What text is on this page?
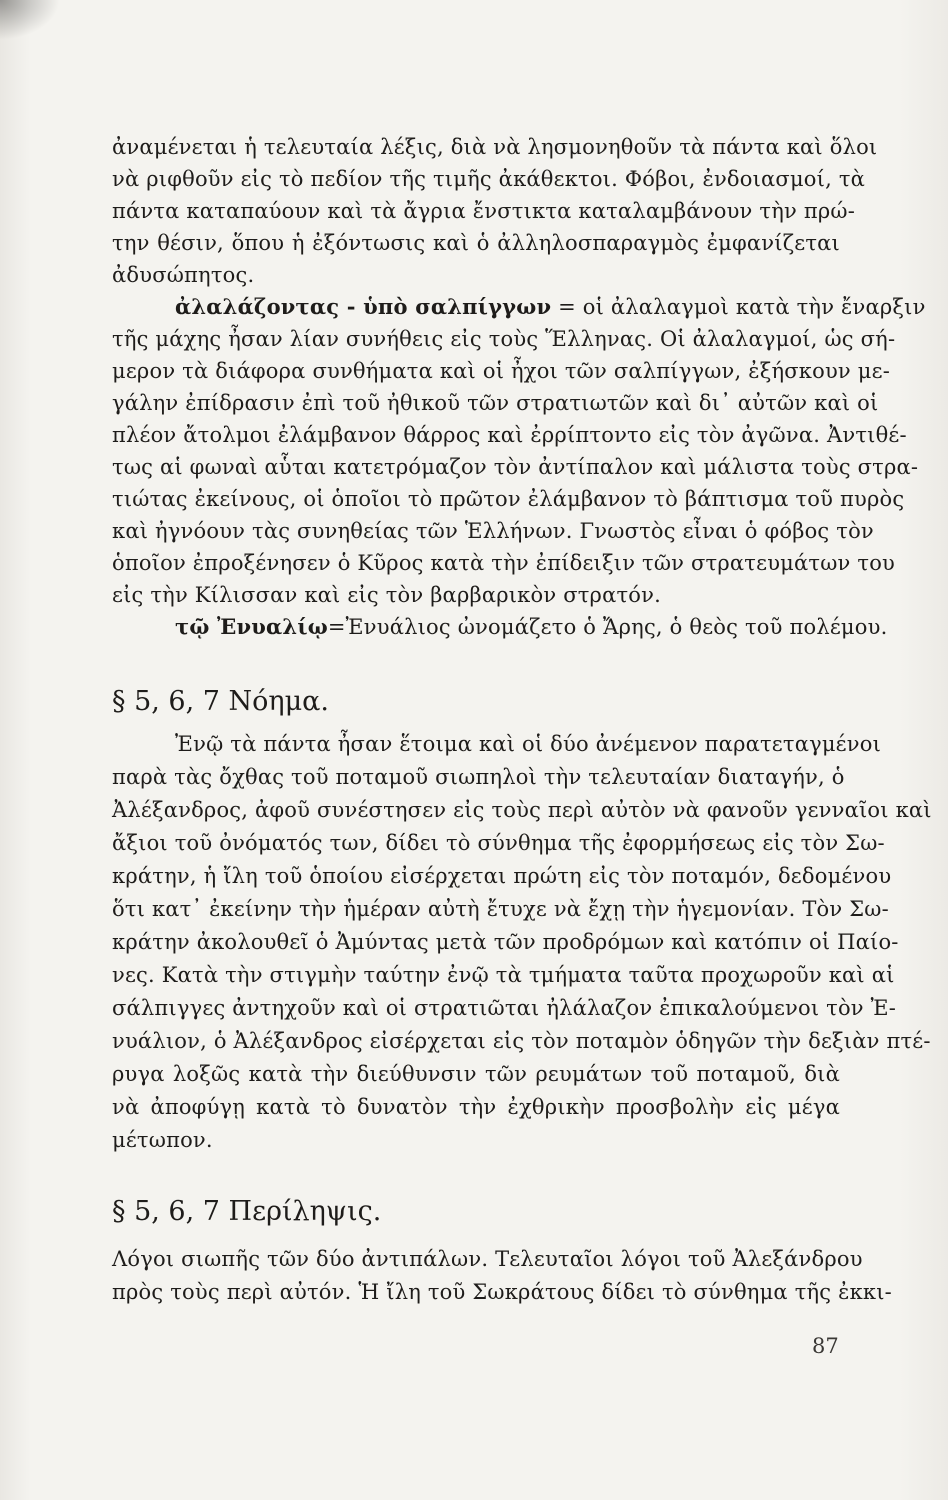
ἀναμένεται ἡ τελευταία λέξις, διὰ νὰ λησμονηθοῦν τὰ πάντα καὶ ὅλοι
νὰ ριφθοῦν εἰς τὸ πεδίον τῆς τιμῆς ἀκάθεκτοι. Φόβοι, ἐνδοιασμοί, τὰ
πάντα καταπαύουν καὶ τὰ ἄγρια ἔνστικτα καταλαμβάνουν τὴν πρώ-
την θέσιν, ὅπου ἡ ἐξόντωσις καὶ ὁ ἀλληλοσπαραγμὸς ἐμφανίζεται
ἀδυσώπητος.
ἀλαλάζοντας - ὑπὸ σαλπίγγων = οἱ ἀλαλαγμοὶ κατὰ τὴν ἔναρξιν
τῆς μάχης ἦσαν λίαν συνήθεις εἰς τοὺς Ἕλληνας. Οἱ ἀλαλαγμοί, ὡς σή-
μερον τὰ διάφορα συνθήματα καὶ οἱ ἦχοι τῶν σαλπίγγων, ἐξήσκουν με-
γάλην ἐπίδρασιν ἐπὶ τοῦ ἠθικοῦ τῶν στρατιωτῶν καὶ δι᾽ αὐτῶν καὶ οἱ
πλέον ἄτολμοι ἐλάμβανον θάρρος καὶ ἐρρίπτοντο εἰς τὸν ἀγῶνα. Ἀντιθέ-
τως αἱ φωναὶ αὗται κατετρόμαζον τὸν ἀντίπαλον καὶ μάλιστα τοὺς στρα-
τιώτας ἐκείνους, οἱ ὁποῖοι τὸ πρῶτον ἐλάμβανον τὸ βάπτισμα τοῦ πυρὸς
καὶ ἠγνόουν τὰς συνηθείας τῶν Ἑλλήνων. Γνωστὸς εἶναι ὁ φόβος τὸν
ὁποῖον ἐπροξένησεν ὁ Κῦρος κατὰ τὴν ἐπίδειξιν τῶν στρατευμάτων του
εἰς τὴν Κίλισσαν καὶ εἰς τὸν βαρβαρικὸν στρατόν.
τῷ Ἐνυαλίῳ=Ἐνυάλιος ὠνομάζετο ὁ Ἄρης, ὁ θεὸς τοῦ πολέμου.
§ 5, 6, 7 Νόημα.
Ἐνῷ τὰ πάντα ἦσαν ἕτοιμα καὶ οἱ δύο ἀνέμενον παρατεταγμένοι
παρὰ τὰς ὄχθας τοῦ ποταμοῦ σιωπηλοὶ τὴν τελευταίαν διαταγήν, ὁ
Ἀλέξανδρος, ἀφοῦ συνέστησεν εἰς τοὺς περὶ αὐτὸν νὰ φανοῦν γενναῖοι καὶ
ἄξιοι τοῦ ὀνόματός των, δίδει τὸ σύνθημα τῆς ἐφορμήσεως εἰς τὸν Σω-
κράτην, ἡ ἴλη τοῦ ὁποίου εἰσέρχεται πρώτη εἰς τὸν ποταμόν, δεδομένου
ὅτι κατ᾽ ἐκείνην τὴν ἡμέραν αὐτὴ ἔτυχε νὰ ἔχῃ τὴν ἡγεμονίαν. Τὸν Σω-
κράτην ἀκολουθεῖ ὁ Ἀμύντας μετὰ τῶν προδρόμων καὶ κατόπιν οἱ Παίο-
νες. Κατὰ τὴν στιγμὴν ταύτην ἐνῷ τὰ τμήματα ταῦτα προχωροῦν καὶ αἱ
σάλπιγγες ἀντηχοῦν καὶ οἱ στρατιῶται ἠλάλαζον ἐπικαλούμενοι τὸν Ἐ-
νυάλιον, ὁ Ἀλέξανδρος εἰσέρχεται εἰς τὸν ποταμὸν ὁδηγῶν τὴν δεξιὰν πτέ-
ρυγα λοξῶς κατὰ τὴν διεύθυνσιν τῶν ρευμάτων τοῦ ποταμοῦ, διὰ
νὰ ἀποφύγῃ κατὰ τὸ δυνατὸν τὴν ἐχθρικὴν προσβολὴν εἰς μέγα
μέτωπον.
§ 5, 6, 7 Περίληψις.
Λόγοι σιωπῆς τῶν δύο ἀντιπάλων. Τελευταῖοι λόγοι τοῦ Ἀλεξάνδρου
πρὸς τοὺς περὶ αὐτόν. Ἡ ἴλη τοῦ Σωκράτους δίδει τὸ σύνθημα τῆς ἐκκι-
87
